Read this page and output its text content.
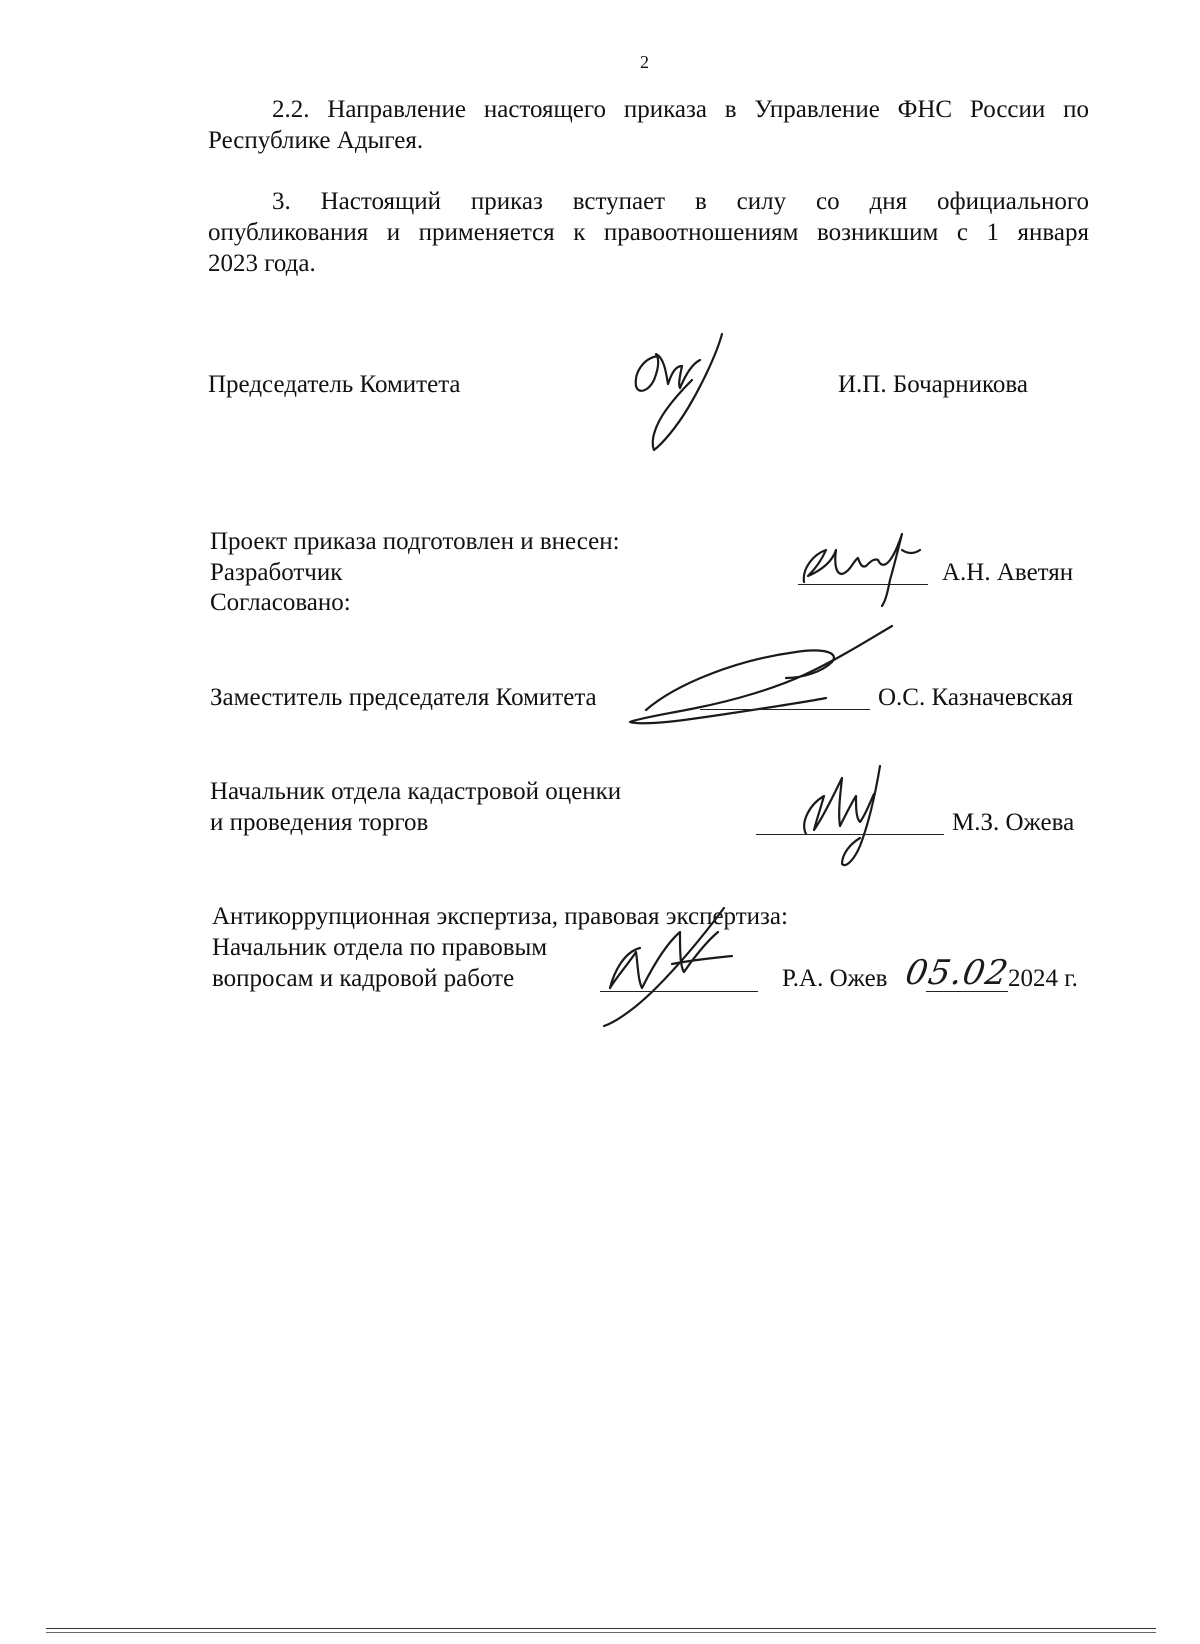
2
2.2. Направление настоящего приказа в Управление ФНС России по
Республике Адыгея.
3. Настоящий приказ вступает в силу со дня официального
опубликования и применяется к правоотношениям возникшим с 1 января
2023 года.
Председатель Комитета	И.П. Бочарникова
Проект приказа подготовлен и внесен:
Разработчик
Согласовано:
А.Н. Аветян
Заместитель председателя Комитета	О.С. Казначевская
Начальник отдела кадастровой оценки
и проведения торгов	М.З. Ожева
Антикоррупционная экспертиза, правовая экспертиза:
Начальник отдела по правовым
вопросам и кадровой работе	Р.А. Ожев 05.02
2024 г.
